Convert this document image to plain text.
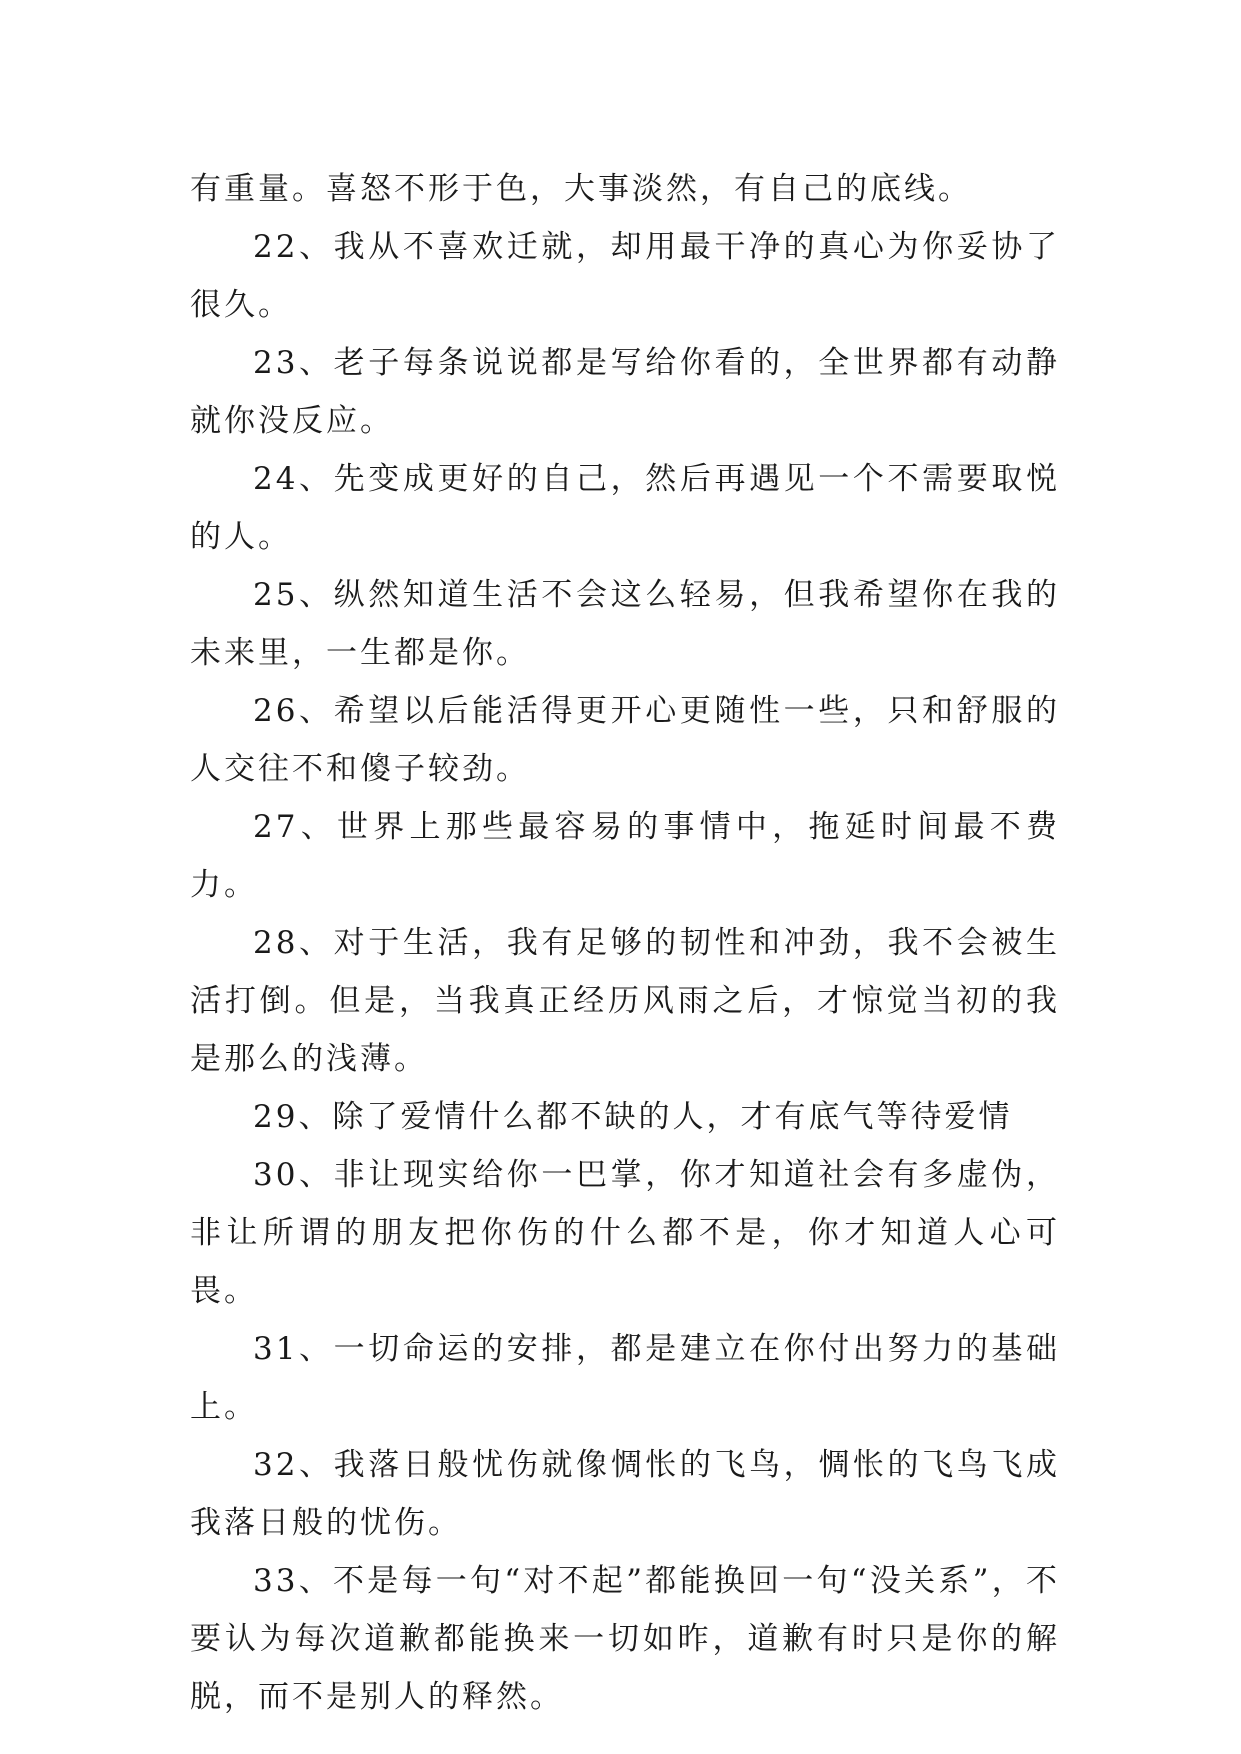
有重量。喜怒不形于色，大事淡然，有自己的底线。

22、我从不喜欢迁就，却用最干净的真心为你妥协了很久。

23、老子每条说说都是写给你看的，全世界都有动静就你没反应。

24、先变成更好的自己，然后再遇见一个不需要取悦的人。

25、纵然知道生活不会这么轻易，但我希望你在我的未来里，一生都是你。

26、希望以后能活得更开心更随性一些，只和舒服的人交往不和傻子较劲。

27、世界上那些最容易的事情中，拖延时间最不费力。

28、对于生活，我有足够的韧性和冲劲，我不会被生活打倒。但是，当我真正经历风雨之后，才惊觉当初的我是那么的浅薄。

29、除了爱情什么都不缺的人，才有底气等待爱情

30、非让现实给你一巴掌，你才知道社会有多虚伪，非让所谓的朋友把你伤的什么都不是，你才知道人心可畏。

31、一切命运的安排，都是建立在你付出努力的基础上。

32、我落日般忧伤就像惆怅的飞鸟，惆怅的飞鸟飞成我落日般的忧伤。

33、不是每一句“对不起”都能换回一句“没关系”，不要认为每次道歉都能换来一切如昨，道歉有时只是你的解脱，而不是别人的释然。
